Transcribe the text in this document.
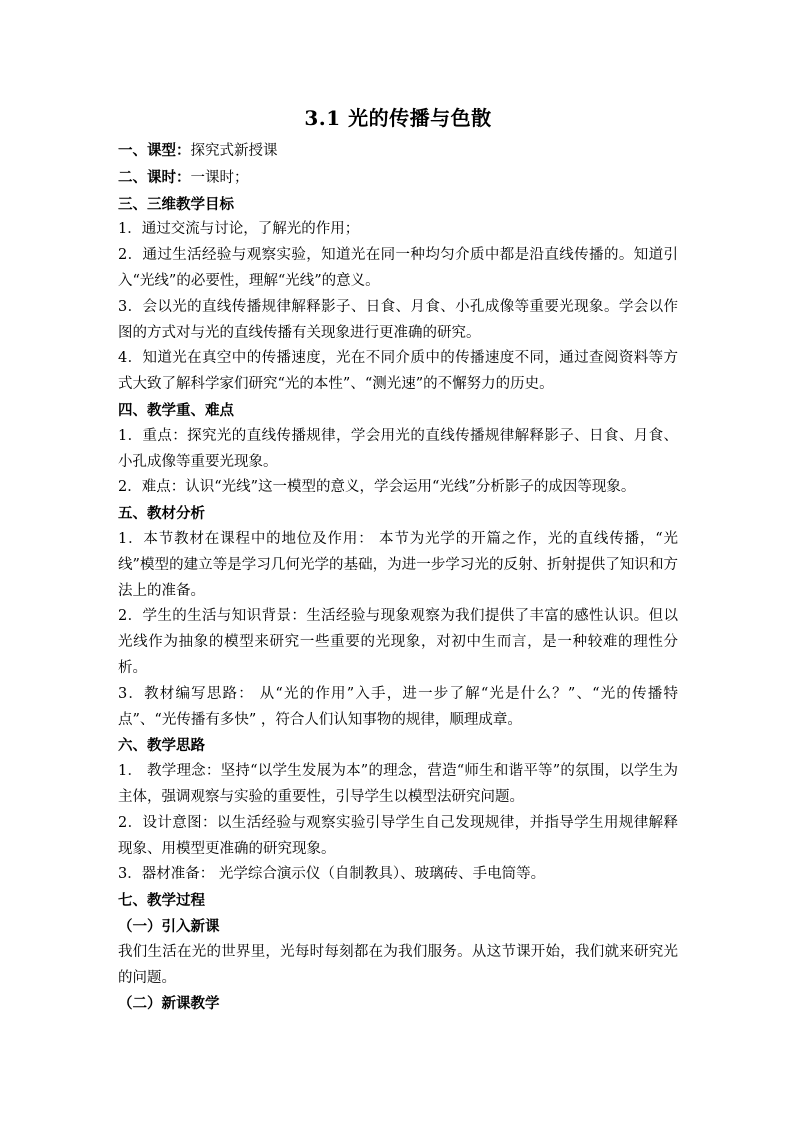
3.1 光的传播与色散
一、课型：探究式新授课
二、课时：一课时；
三、三维教学目标
1．通过交流与讨论，了解光的作用；
2．通过生活经验与观察实验，知道光在同一种均匀介质中都是沿直线传播的。知道引入“光线”的必要性，理解“光线”的意义。
3．会以光的直线传播规律解释影子、日食、月食、小孔成像等重要光现象。学会以作图的方式对与光的直线传播有关现象进行更准确的研究。
4．知道光在真空中的传播速度，光在不同介质中的传播速度不同，通过查阅资料等方式大致了解科学家们研究“光的本性”、“测光速”的不懈努力的历史。
四、教学重、难点
1．重点：探究光的直线传播规律，学会用光的直线传播规律解释影子、日食、月食、小孔成像等重要光现象。
2．难点：认识“光线”这一模型的意义，学会运用“光线”分析影子的成因等现象。
五、教材分析
1．本节教材在课程中的地位及作用： 本节为光学的开篇之作，光的直线传播，“光线”模型的建立等是学习几何光学的基础，为进一步学习光的反射、折射提供了知识和方法上的准备。
2．学生的生活与知识背景：生活经验与现象观察为我们提供了丰富的感性认识。但以光线作为抽象的模型来研究一些重要的光现象，对初中生而言，是一种较难的理性分析。
3．教材编写思路： 从“光的作用”入手，进一步了解“光是什么？”、“光的传播特点”、“光传播有多快” ，符合人们认知事物的规律，顺理成章。
六、教学思路
1． 教学理念：坚持“以学生发展为本”的理念，营造“师生和谐平等”的氛围，以学生为主体，强调观察与实验的重要性，引导学生以模型法研究问题。
2．设计意图：以生活经验与观察实验引导学生自己发现规律，并指导学生用规律解释现象、用模型更准确的研究现象。
3．器材准备： 光学综合演示仪（自制教具）、玻璃砖、手电筒等。
七、教学过程
（一）引入新课
我们生活在光的世界里，光每时每刻都在为我们服务。从这节课开始，我们就来研究光的问题。
（二）新课教学
